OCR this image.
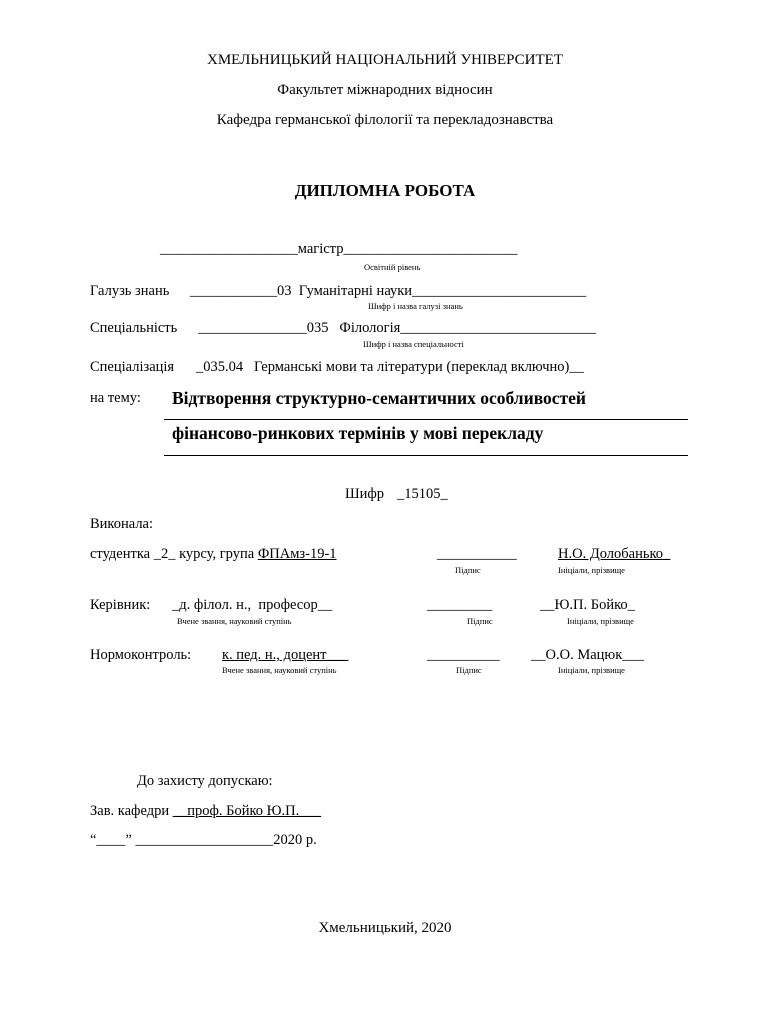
ХМЕЛЬНИЦЬКИЙ НАЦІОНАЛЬНИЙ УНІВЕРСИТЕТ
Факультет міжнародних відносин
Кафедра германської філології та перекладознавства
ДИПЛОМНА РОБОТА
___________________магістр________________________
Освітній рівень
Галузь знань ____________03  Гуманітарні науки________________________
Шифр і назва галузі знань
Спеціальність _______________035   Філологія___________________________
Шифр і назва спеціальності
Спеціалізація _035.04   Германські мови та літератури (переклад включно)__
на тему: Відтворення структурно-семантичних особливостей
фінансово-ринкових термінів у мові перекладу
Шифр _15105_
Виконала:
студентка _2_ курсу, група ФПАмз-19-1	___________	Н.О. Долобанько_
Підпис	Ініціали, прізвище
Керівник: _д. філол. н.,  професор__	_________	__Ю.П. Бойко_
Вчене звання, науковий ступінь	Підпис	Ініціали, прізвище
Нормоконтроль: к. пед. н., доцент___	__________ __О.О. Мацюк___
Вчене звання, науковий ступінь	Підпис	Ініціали, прізвище
До захисту допускаю:
Зав. кафедри __проф. Бойко Ю.П.___
“____” ___________________2020 р.
Хмельницький, 2020
